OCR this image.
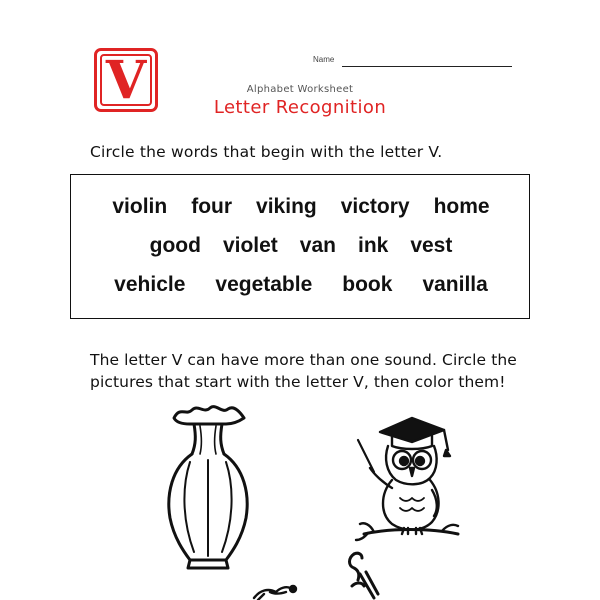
V	Name
Alphabet Worksheet
Letter Recognition
Circle the words that begin with the letter V.
violin four viking victory home
good violet van ink vest
vehicle vegetable book vanilla
The letter V can have more than one sound. Circle the pictures that start with the letter V, then color them!
